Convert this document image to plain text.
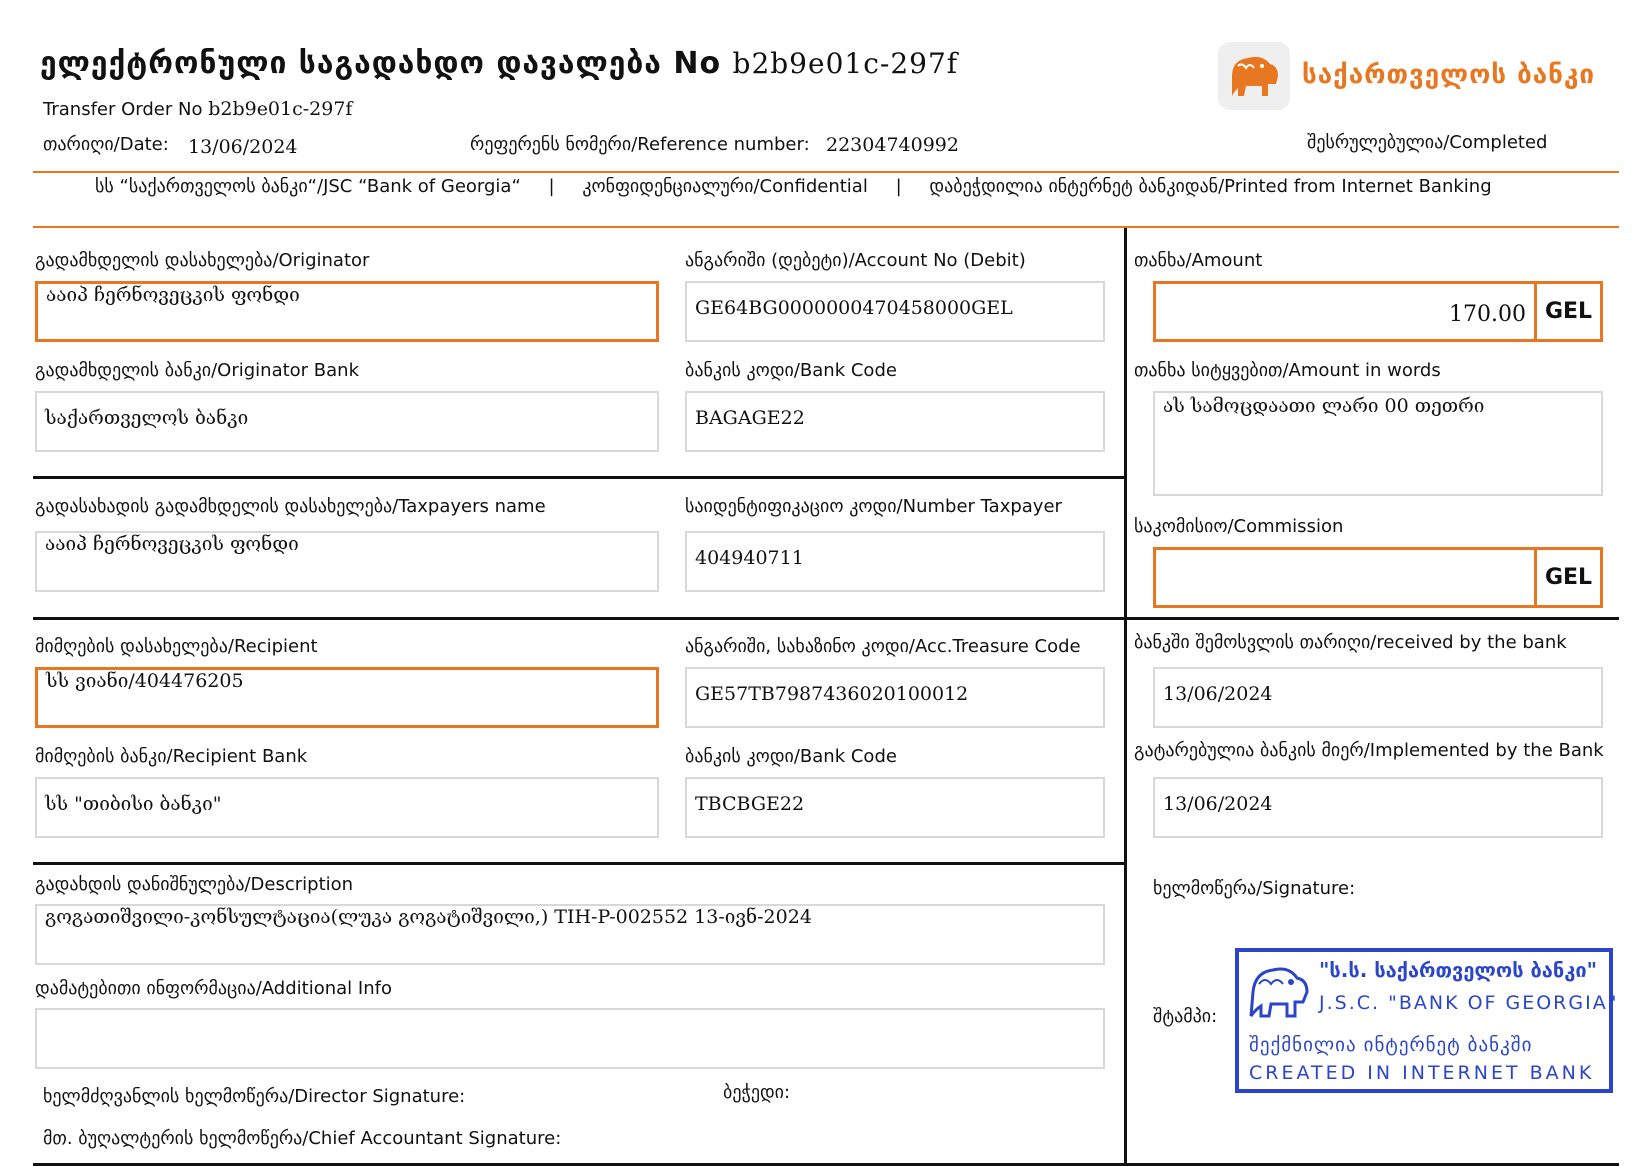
ელექტრონული საგადახდო დავალება No b2b9e01c-297f
Transfer Order No b2b9e01c-297f
თარიღი/Date: 13/06/2024	რეფერენს ნომერი/Reference number: 22304740992	შესრულებულია/Completed
საქართველოს ბანკი
სს “საქართველოს ბანკი“/JSC “Bank of Georgia“ | კონფიდენციალური/Confidential | დაბეჭდილია ინტერნეტ ბანკიდან/Printed from Internet Banking
გადამხდელის დასახელება/Originator
ააიპ ჩერნოვეცკის ფონდი
ანგარიში (დებეტი)/Account No (Debit)
GE64BG0000000470458000GEL
თანხა/Amount
170.00 GEL
გადამხდელის ბანკი/Originator Bank
საქართველოს ბანკი
ბანკის კოდი/Bank Code
BAGAGE22
თანხა სიტყვებით/Amount in words
ას სამოცდაათი ლარი 00 თეთრი
გადასახადის გადამხდელის დასახელება/Taxpayers name
ააიპ ჩერნოვეცკის ფონდი
საიდენტიფიკაციო კოდი/Number Taxpayer
404940711
საკომისიო/Commission
GEL
მიმღების დასახელება/Recipient
სს ვიანი/404476205
ანგარიში, სახაზინო კოდი/Acc.Treasure Code
GE57TB7987436020100012
ბანკში შემოსვლის თარიღი/received by the bank
13/06/2024
მიმღების ბანკი/Recipient Bank
სს "თიბისი ბანკი"
ბანკის კოდი/Bank Code
TBCBGE22
გატარებულია ბანკის მიერ/Implemented by the Bank
13/06/2024
გადახდის დანიშნულება/Description
გოგათიშვილი-კონსულტაცია(ლუკა გოგატიშვილი,) TIH-P-002552 13-ივნ-2024
ხელმოწერა/Signature:
დამატებითი ინფორმაცია/Additional Info
შტამპი:
ხელმძღვანლის ხელმოწერა/Director Signature:	ბეჭედი:
მთ. ბუღალტერის ხელმოწერა/Chief Accountant Signature:
"ს.ს. საქართველოს ბანკი"
J.S.C. "BANK OF GEORGIA"
შექმნილია ინტერნეტ ბანკში
CREATED IN INTERNET BANK
